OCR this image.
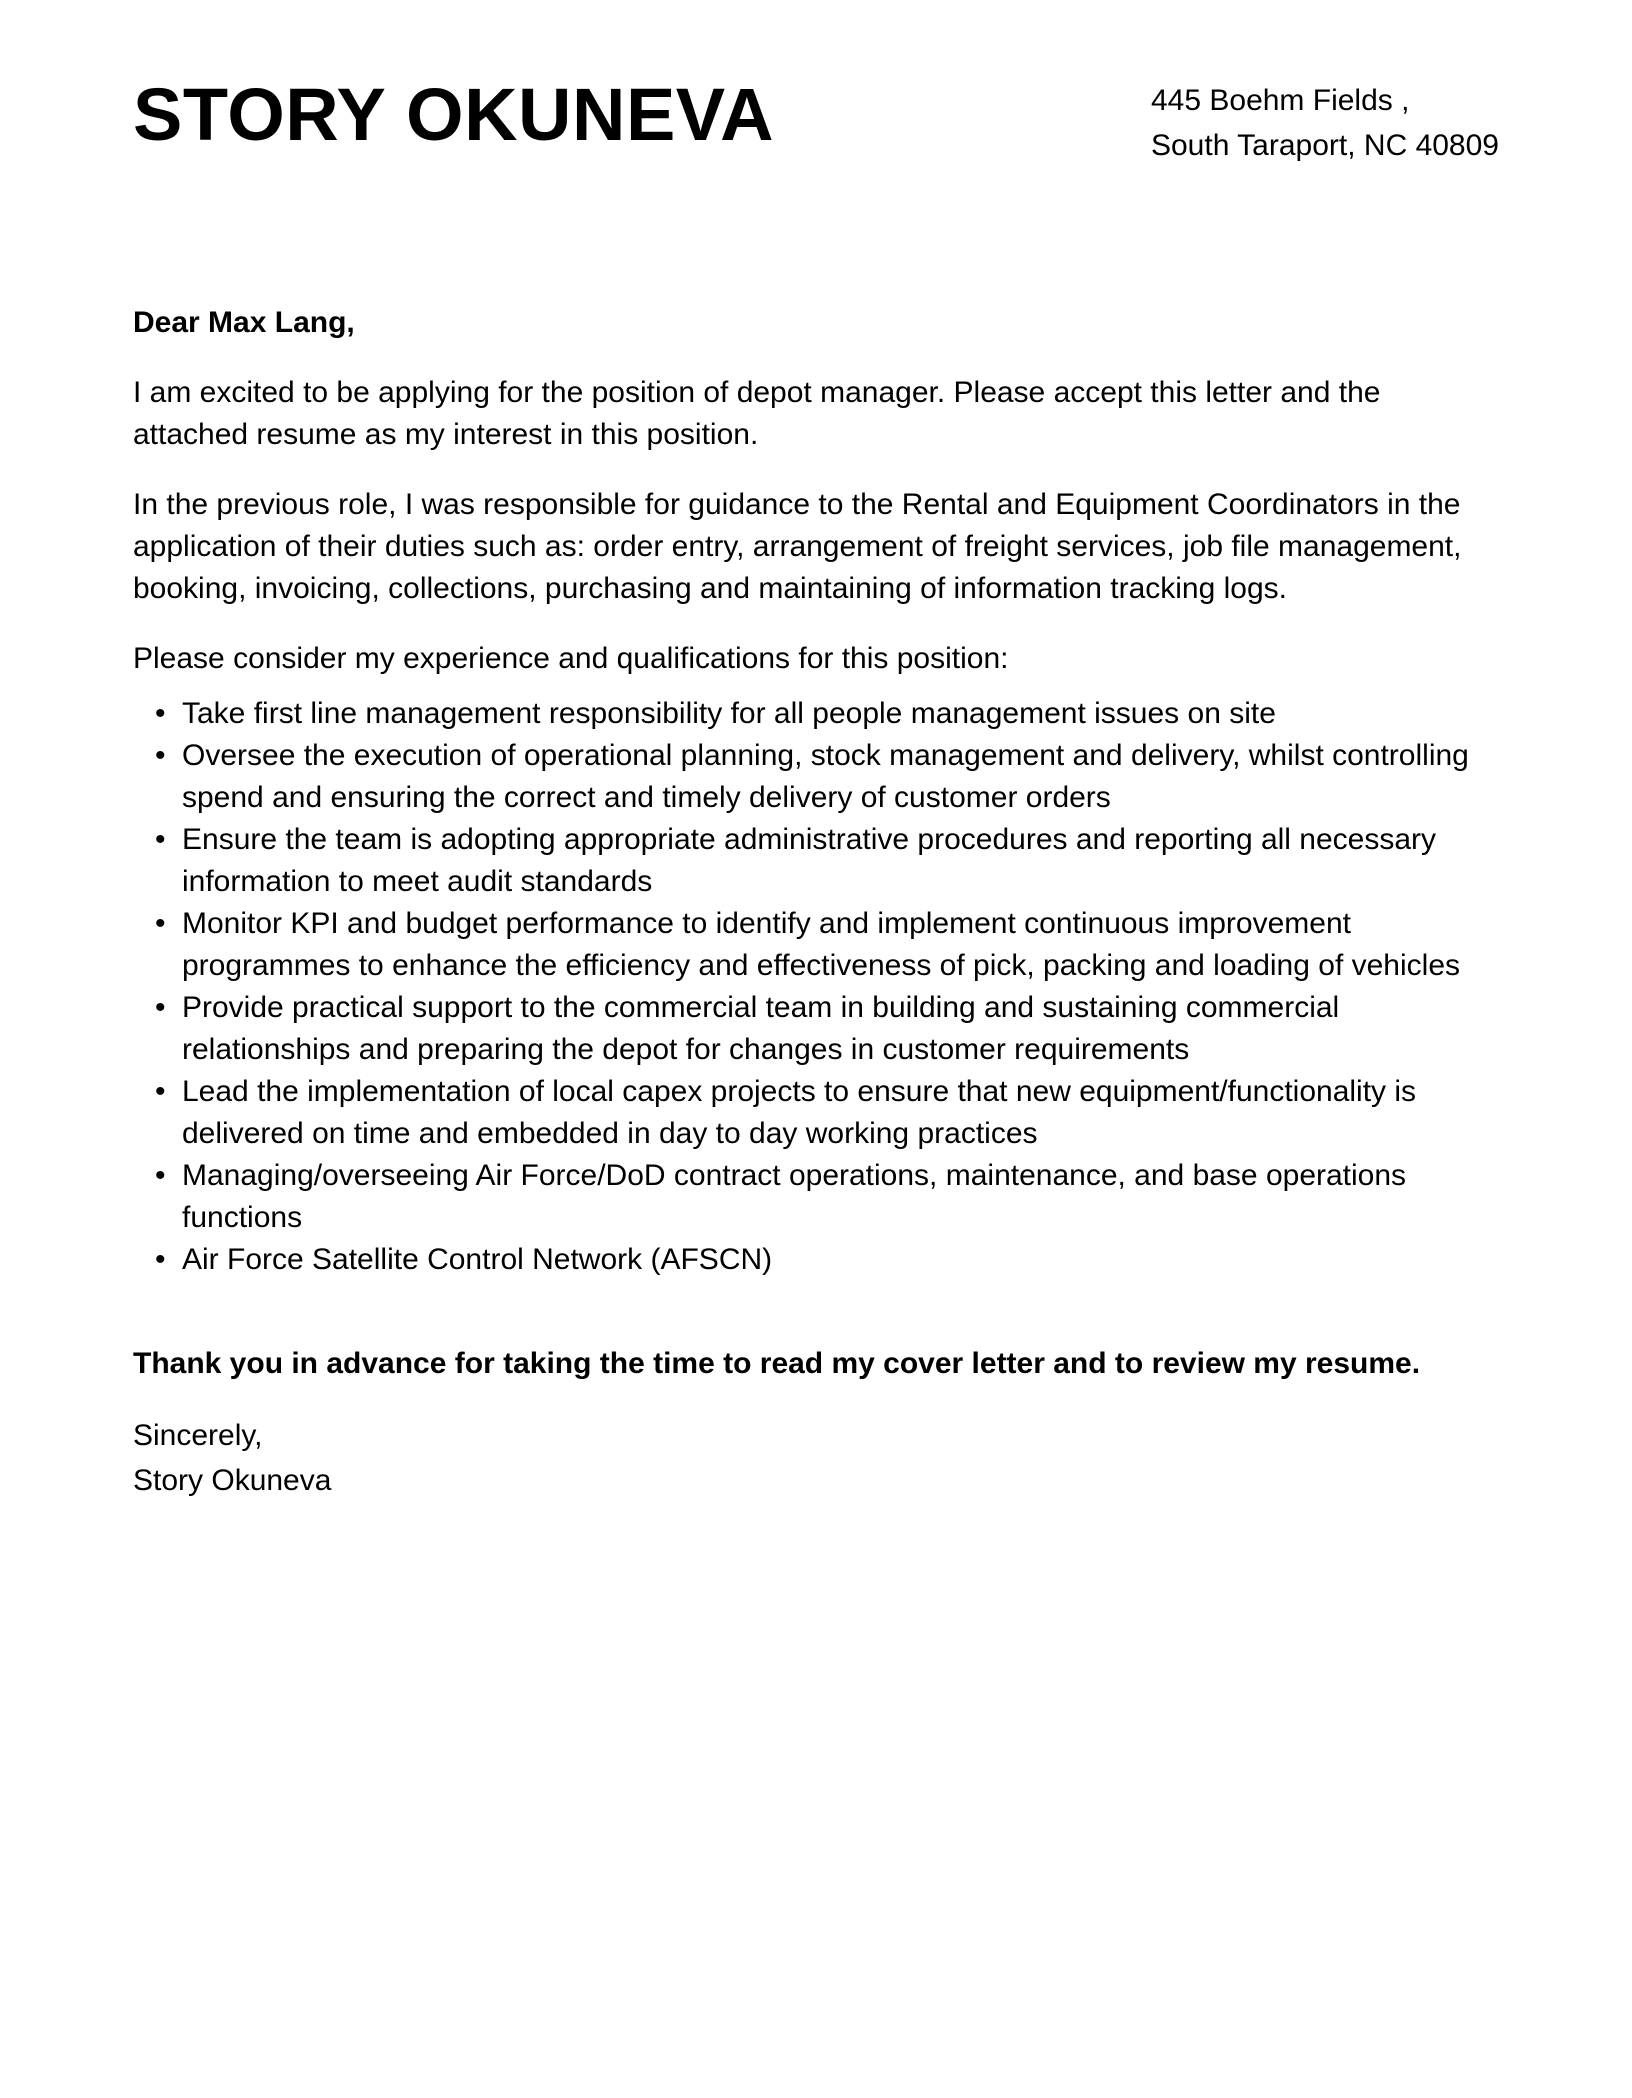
STORY OKUNEVA	445 Boehm Fields ,
South Taraport, NC 40809

Dear Max Lang,

I am excited to be applying for the position of depot manager. Please accept this letter and the attached resume as my interest in this position.

In the previous role, I was responsible for guidance to the Rental and Equipment Coordinators in the application of their duties such as: order entry, arrangement of freight services, job file management, booking, invoicing, collections, purchasing and maintaining of information tracking logs.

Please consider my experience and qualifications for this position:

• Take first line management responsibility for all people management issues on site
• Oversee the execution of operational planning, stock management and delivery, whilst controlling spend and ensuring the correct and timely delivery of customer orders
• Ensure the team is adopting appropriate administrative procedures and reporting all necessary information to meet audit standards
• Monitor KPI and budget performance to identify and implement continuous improvement programmes to enhance the efficiency and effectiveness of pick, packing and loading of vehicles
• Provide practical support to the commercial team in building and sustaining commercial relationships and preparing the depot for changes in customer requirements
• Lead the implementation of local capex projects to ensure that new equipment/functionality is delivered on time and embedded in day to day working practices
• Managing/overseeing Air Force/DoD contract operations, maintenance, and base operations functions
• Air Force Satellite Control Network (AFSCN)

Thank you in advance for taking the time to read my cover letter and to review my resume.

Sincerely,
Story Okuneva
